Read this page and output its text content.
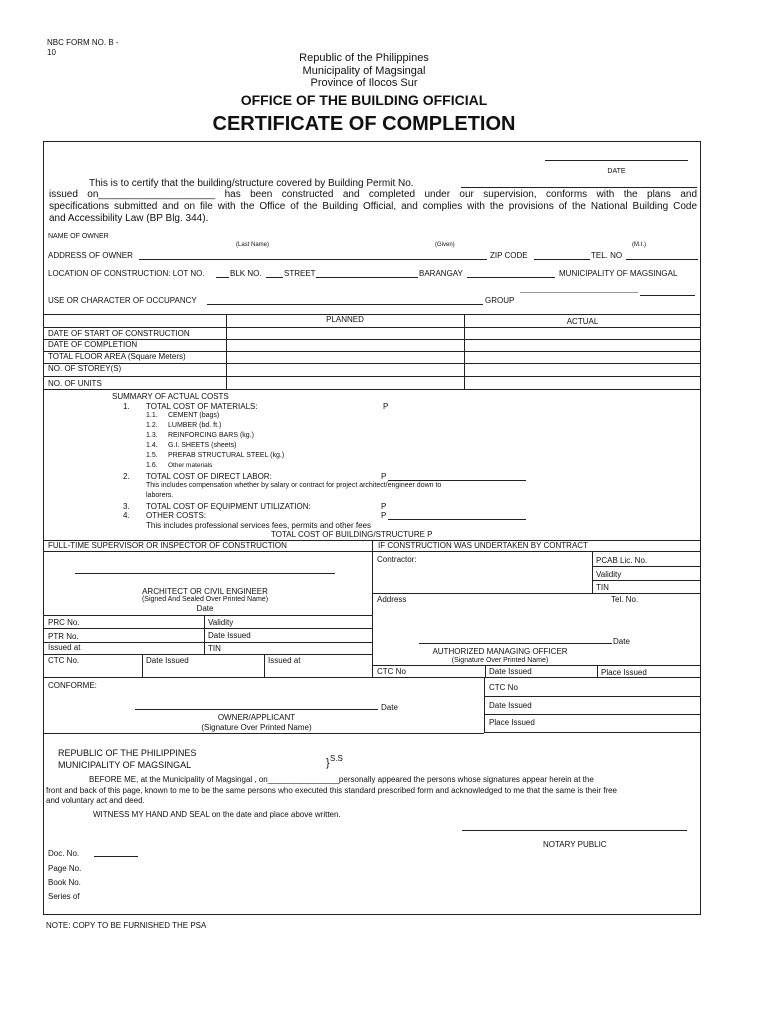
NBC FORM NO. B -
10	Republic of the Philippines
Municipality of Magsingal
Province of Ilocos Sur
OFFICE OF THE BUILDING OFFICIAL
CERTIFICATE OF COMPLETION
DATE
This is to certify that the building/structure covered by Building Permit No.
issued on_____________________ has been constructed and completed under our supervision, conforms with the plans and
specifications submitted and on file with the Office of the Building Official, and complies with the provisions of the National Building Code
and Accessibility Law (BP Blg. 344).
NAME OF OWNER
(Last Name)	(Given)	(M.I.)
ADDRESS OF OWNER	ZIP CODE	TEL. NO
LOCATION OF CONSTRUCTION: LOT NO.	BLK NO.	STREET	BARANGAY	MUNICIPALITY OF MAGSINGAL
USE OR CHARACTER OF OCCUPANCY	GROUP
PLANNED	ACTUAL
DATE OF START OF CONSTRUCTION
DATE OF COMPLETION
TOTAL FLOOR AREA (Square Meters)
NO. OF STOREY(S)
NO. OF UNITS
SUMMARY OF ACTUAL COSTS
1. TOTAL COST OF MATERIALS:	P
1.1. CEMENT (bags)
1.2. LUMBER (bd. ft.)
1.3. REINFORCING BARS (kg.)
1.4. G.I. SHEETS (sheets)
1.5. PREFAB STRUCTURAL STEEL (kg.)
1.6. Other materials
2. TOTAL COST OF DIRECT LABOR:	P
This includes compensation whether by salary or contract for project architect/engineer down to
laborers.
3. TOTAL COST OF EQUIPMENT UTILIZATION:	P
4. OTHER COSTS:	P
This includes professional services fees, permits and other fees
TOTAL COST OF BUILDING/STRUCTURE P
FULL-TIME SUPERVISOR OR INSPECTOR OF CONSTRUCTION	IF CONSTRUCTION WAS UNDERTAKEN BY CONTRACT
ARCHITECT OR CIVIL ENGINEER
(Signed And Sealed Over Printed Name)
Date
PRC No.	Validity
PTR No.	Date Issued
Issued at	TIN
CTC No.	Date Issued	Issued at
Contractor:	PCAB Lic. No.
Validity
TIN
Address	Tel. No.
Date
AUTHORIZED MANAGING OFFICER
(Signature Over Printed Name)
CTC No	Date Issued	Place Issued
CONFORME:
Date
OWNER/APPLICANT
(Signature Over Printed Name)
CTC No
Date Issued
Place Issued
REPUBLIC OF THE PHILIPPINES
MUNICIPALITY OF MAGSINGAL
S.S
}
BEFORE ME, at the Municipality of Magsingal , on________________personally appeared the persons whose signatures appear herein at the
front and back of this page, known to me to be the same persons who executed this standard prescribed form and acknowledged to me that the same is their free
and voluntary act and deed.
WITNESS MY HAND AND SEAL on the date and place above written.
NOTARY PUBLIC
Doc. No.
Page No.
Book No.
Series of
NOTE: COPY TO BE FURNISHED THE PSA
